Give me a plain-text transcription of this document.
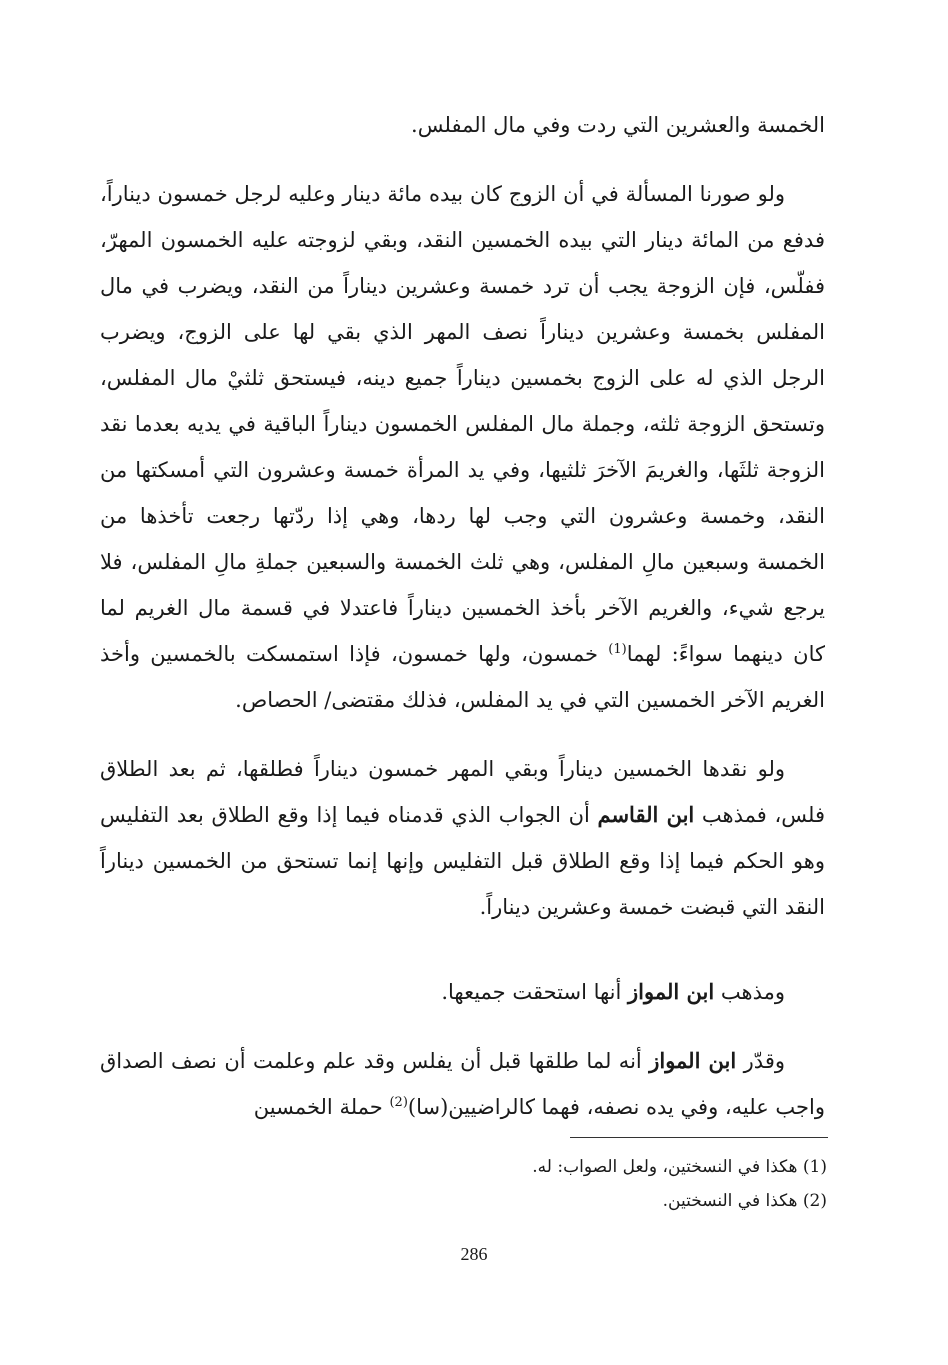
الخمسة والعشرين التي ردت وفي مال المفلس.

ولو صورنا المسألة في أن الزوج كان بيده مائة دينار وعليه لرجل خمسون ديناراً، فدفع من المائة دينار التي بيده الخمسين النقد، وبقي لزوجته عليه الخمسون المهرّ، ففلّس، فإن الزوجة يجب أن ترد خمسة وعشرين ديناراً من النقد، ويضرب في مال المفلس بخمسة وعشرين ديناراً نصف المهر الذي بقي لها على الزوج، ويضرب الرجل الذي له على الزوج بخمسين ديناراً جميع دينه، فيستحق ثلثيْ مال المفلس، وتستحق الزوجة ثلثه، وجملة مال المفلس الخمسون ديناراً الباقية في يديه بعدما نقد الزوجة ثلثَها، والغريمَ الآخرَ ثلثيها، وفي يد المرأة خمسة وعشرون التي أمسكتها من النقد، وخمسة وعشرون التي وجب لها ردها، وهي إذا ردّتها رجعت تأخذها من الخمسة وسبعين مالِ المفلس، وهي ثلث الخمسة والسبعين جملةِ مالِ المفلس، فلا يرجع شيء، والغريم الآخر بأخذ الخمسين ديناراً فاعتدلا في قسمة مال الغريم لما كان دينهما سواءً: لهما$^{(1)}$ خمسون، ولها خمسون، فإذا استمسكت بالخمسين وأخذ الغريم الآخر الخمسين التي في يد المفلس، فذلك مقتضى/ الحصاص.

ولو نقدها الخمسين ديناراً وبقي المهر خمسون ديناراً فطلقها، ثم بعد الطلاق فلس، فمذهب ابن القاسم أن الجواب الذي قدمناه فيما إذا وقع الطلاق بعد التفليس وهو الحكم فيما إذا وقع الطلاق قبل التفليس وإنها إنما تستحق من الخمسين ديناراً النقد التي قبضت خمسة وعشرين ديناراً.

ومذهب ابن المواز أنها استحقت جميعها.

وقدّر ابن المواز أنه لما طلقها قبل أن يفلس وقد علم وعلمت أن نصف الصداق واجب عليه، وفي يده نصفه، فهما كالراضيين(سا)$^{(2)}$ حملة الخمسين

(1) هكذا في النسختين، ولعل الصواب: له.
(2) هكذا في النسختين.
286
